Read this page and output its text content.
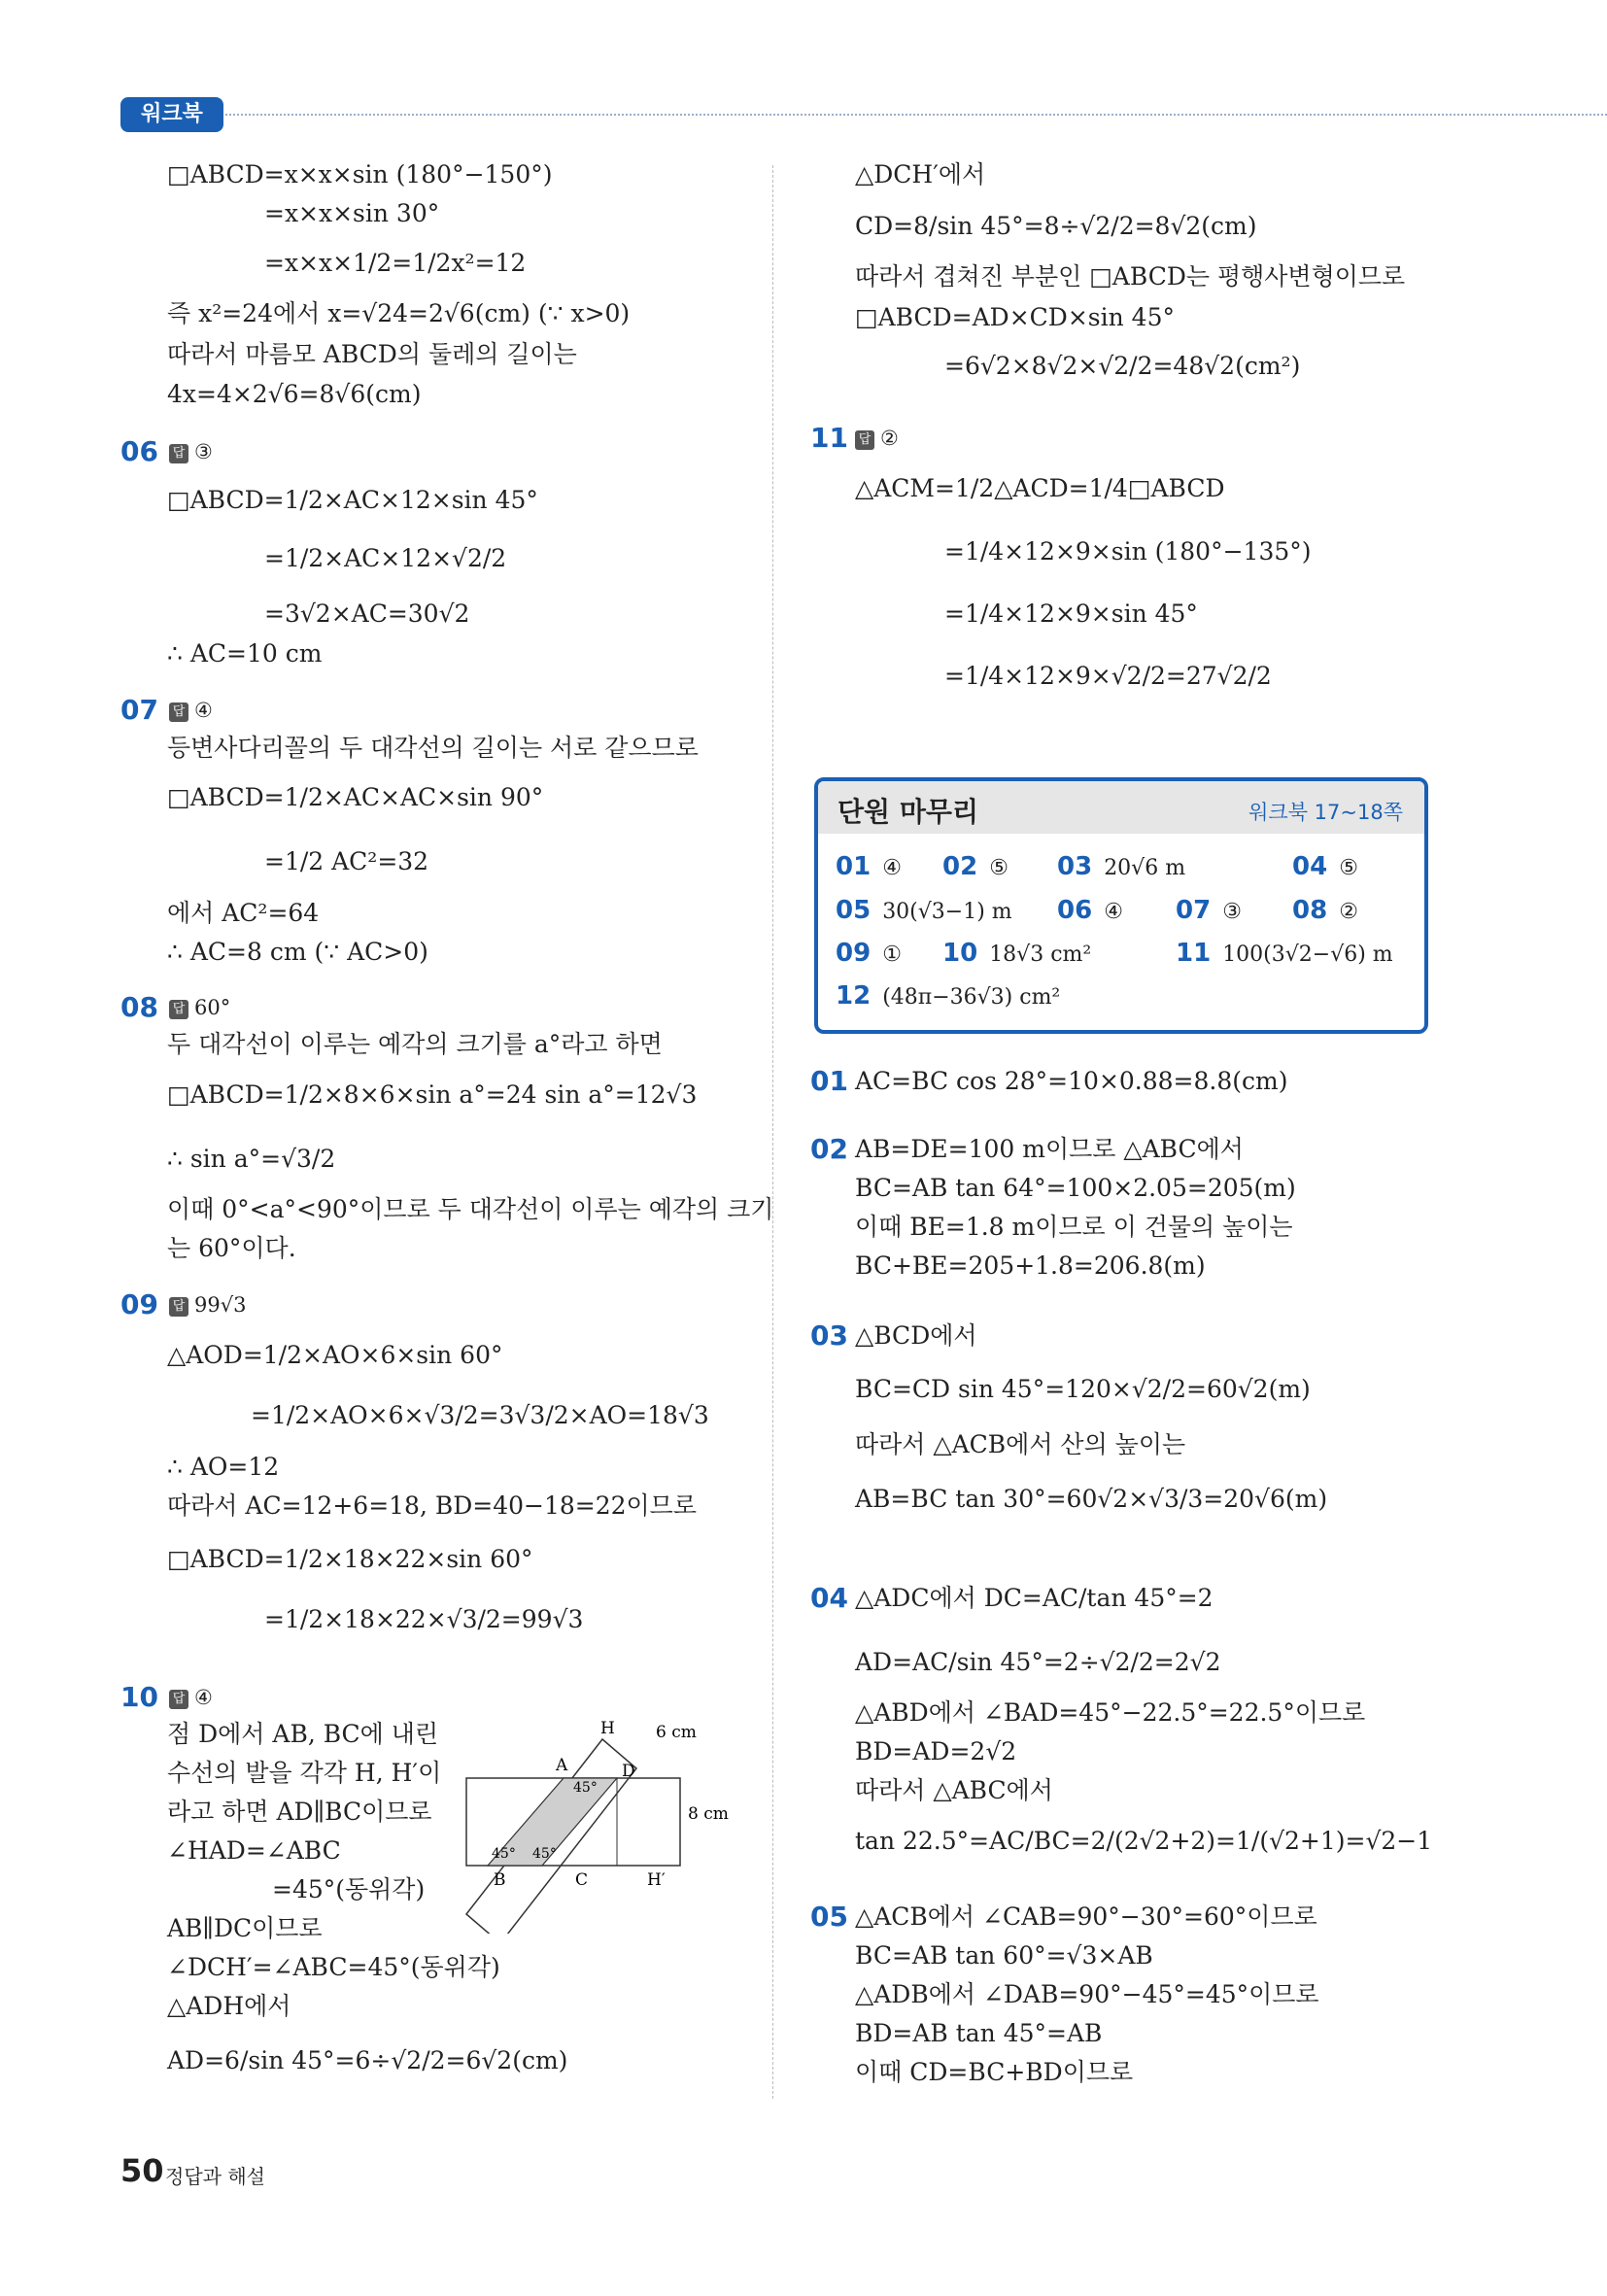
워크북
□ABCD=x×x×sin (180°−150°)
=x×x×sin 30°
=x×x×1/2=1/2x²=12
즉 x²=24에서 x=√24=2√6(cm) (∵ x>0)
따라서 마름모 ABCD의 둘레의 길이는
4x=4×2√6=8√6(cm)
06 답 ③
□ABCD=1/2×AC×12×sin 45°
=1/2×AC×12×√2/2
=3√2×AC=30√2
∴ AC=10 cm
07 답 ④
등변사다리꼴의 두 대각선의 길이는 서로 같으므로
□ABCD=1/2×AC×AC×sin 90°
=1/2 AC²=32
에서 AC²=64
∴ AC=8 cm (∵ AC>0)
08 답 60°
두 대각선이 이루는 예각의 크기를 a°라고 하면
□ABCD=1/2×8×6×sin a°=24 sin a°=12√3
∴ sin a°=√3/2
이때 0°<a°<90°이므로 두 대각선이 이루는 예각의 크기
는 60°이다.
09 답 99√3
△AOD=1/2×AO×6×sin 60°
=1/2×AO×6×√3/2=3√3/2×AO=18√3
∴ AO=12
따라서 AC=12+6=18, BD=40−18=22이므로
□ABCD=1/2×18×22×sin 60°
=1/2×18×22×√3/2=99√3
10 답 ④
점 D에서 AB, BC에 내린
수선의 발을 각각 H, H′이
라고 하면 AD∥BC이므로
∠HAD=∠ABC
=45°(동위각)
AB∥DC이므로
∠DCH′=∠ABC=45°(동위각)
△ADH에서
AD=6/sin 45°=6÷√2/2=6√2(cm)
H 6 cm
A
45°
D
8 cm
45° 45°
B	C	H′
△DCH′에서
CD=8/sin 45°=8÷√2/2=8√2(cm)
따라서 겹쳐진 부분인 □ABCD는 평행사변형이므로
□ABCD=AD×CD×sin 45°
=6√2×8√2×√2/2=48√2(cm²)
11 답 ②
△ACM=1/2△ACD=1/4□ABCD
=1/4×12×9×sin (180°−135°)
=1/4×12×9×sin 45°
=1/4×12×9×√2/2=27√2/2
단원 마무리	워크북 17~18쪽
01 ④ 02 ⑤ 03 20√6 m	04 ⑤
05 30(√3−1) m 06 ④ 07 ③ 08 ②
09 ① 10 18√3 cm²	11 100(3√2−√6) m
12 (48π−36√3) cm²
01 AC=BC cos 28°=10×0.88=8.8(cm)
02 AB=DE=100 m이므로 △ABC에서
BC=AB tan 64°=100×2.05=205(m)
이때 BE=1.8 m이므로 이 건물의 높이는
BC+BE=205+1.8=206.8(m)
03 △BCD에서
BC=CD sin 45°=120×√2/2=60√2(m)
따라서 △ACB에서 산의 높이는
AB=BC tan 30°=60√2×√3/3=20√6(m)
04 △ADC에서 DC=AC/tan 45°=2
AD=AC/sin 45°=2÷√2/2=2√2
△ABD에서 ∠BAD=45°−22.5°=22.5°이므로
BD=AD=2√2
따라서 △ABC에서
tan 22.5°=AC/BC=2/(2√2+2)=1/(√2+1)=√2−1
05 △ACB에서 ∠CAB=90°−30°=60°이므로
BC=AB tan 60°=√3×AB
△ADB에서 ∠DAB=90°−45°=45°이므로
BD=AB tan 45°=AB
이때 CD=BC+BD이므로
50 정답과 해설
